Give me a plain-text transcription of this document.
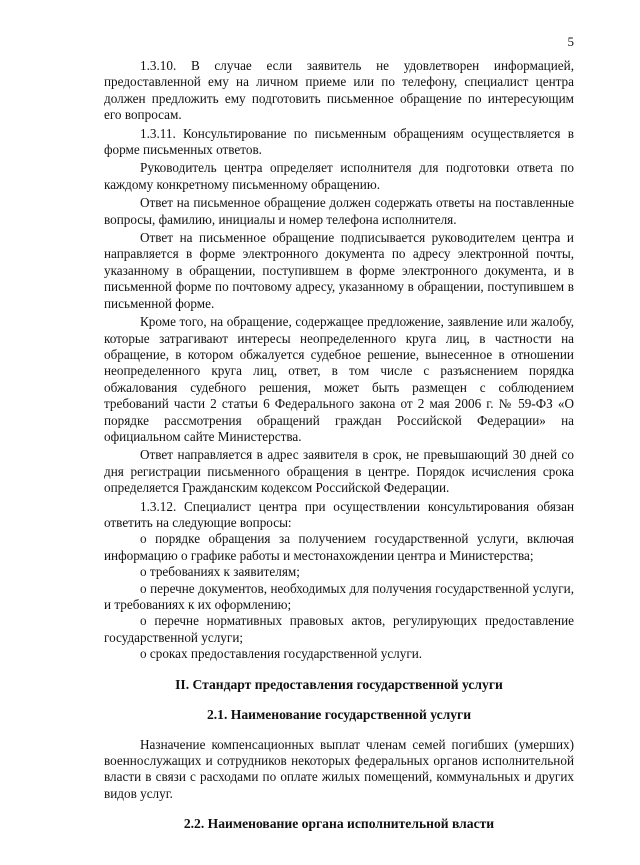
5

1.3.10. В случае если заявитель не удовлетворен информацией, предоставленной ему на личном приеме или по телефону, специалист центра должен предложить ему подготовить письменное обращение по интересующим его вопросам.

1.3.11. Консультирование по письменным обращениям осуществляется в форме письменных ответов.

Руководитель центра определяет исполнителя для подготовки ответа по каждому конкретному письменному обращению.

Ответ на письменное обращение должен содержать ответы на поставленные вопросы, фамилию, инициалы и номер телефона исполнителя.

Ответ на письменное обращение подписывается руководителем центра и направляется в форме электронного документа по адресу электронной почты, указанному в обращении, поступившем в форме электронного документа, и в письменной форме по почтовому адресу, указанному в обращении, поступившем в письменной форме.

Кроме того, на обращение, содержащее предложение, заявление или жалобу, которые затрагивают интересы неопределенного круга лиц, в частности на обращение, в котором обжалуется судебное решение, вынесенное в отношении неопределенного круга лиц, ответ, в том числе с разъяснением порядка обжалования судебного решения, может быть размещен с соблюдением требований части 2 статьи 6 Федерального закона от 2 мая 2006 г. № 59-ФЗ «О порядке рассмотрения обращений граждан Российской Федерации» на официальном сайте Министерства.

Ответ направляется в адрес заявителя в срок, не превышающий 30 дней со дня регистрации письменного обращения в центре. Порядок исчисления срока определяется Гражданским кодексом Российской Федерации.

1.3.12. Специалист центра при осуществлении консультирования обязан ответить на следующие вопросы:

о порядке обращения за получением государственной услуги, включая информацию о графике работы и местонахождении центра и Министерства;

о требованиях к заявителям;

о перечне документов, необходимых для получения государственной услуги, и требованиях к их оформлению;

о перечне нормативных правовых актов, регулирующих предоставление государственной услуги;

о сроках предоставления государственной услуги.

II. Стандарт предоставления государственной услуги
2.1. Наименование государственной услуги

Назначение компенсационных выплат членам семей погибших (умерших) военнослужащих и сотрудников некоторых федеральных органов исполнительной власти в связи с расходами по оплате жилых помещений, коммунальных и других видов услуг.

2.2. Наименование органа исполнительной власти
